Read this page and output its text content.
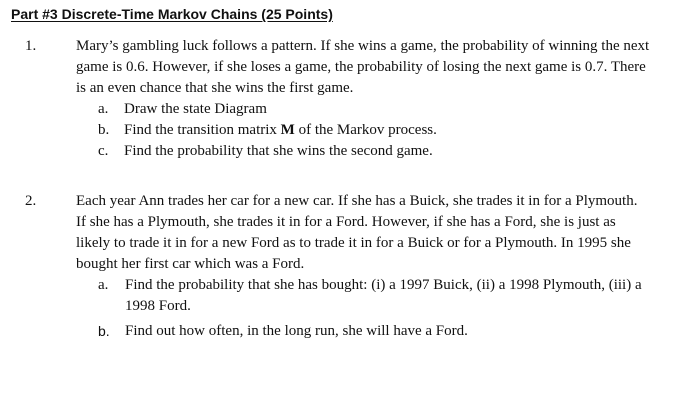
Part #3 Discrete-Time Markov Chains (25 Points)
1.	Mary’s gambling luck follows a pattern. If she wins a game, the probability of winning the next game is 0.6. However, if she loses a game, the probability of losing the next game is 0.7. There is an even chance that she wins the first game.
a. Draw the state Diagram
b. Find the transition matrix M of the Markov process.
c. Find the probability that she wins the second game.
2.	Each year Ann trades her car for a new car. If she has a Buick, she trades it in for a Plymouth. If she has a Plymouth, she trades it in for a Ford. However, if she has a Ford, she is just as likely to trade it in for a new Ford as to trade it in for a Buick or for a Plymouth. In 1995 she bought her first car which was a Ford.
a. Find the probability that she has bought: (i) a 1997 Buick, (ii) a 1998 Plymouth, (iii) a 1998 Ford.
b. Find out how often, in the long run, she will have a Ford.
